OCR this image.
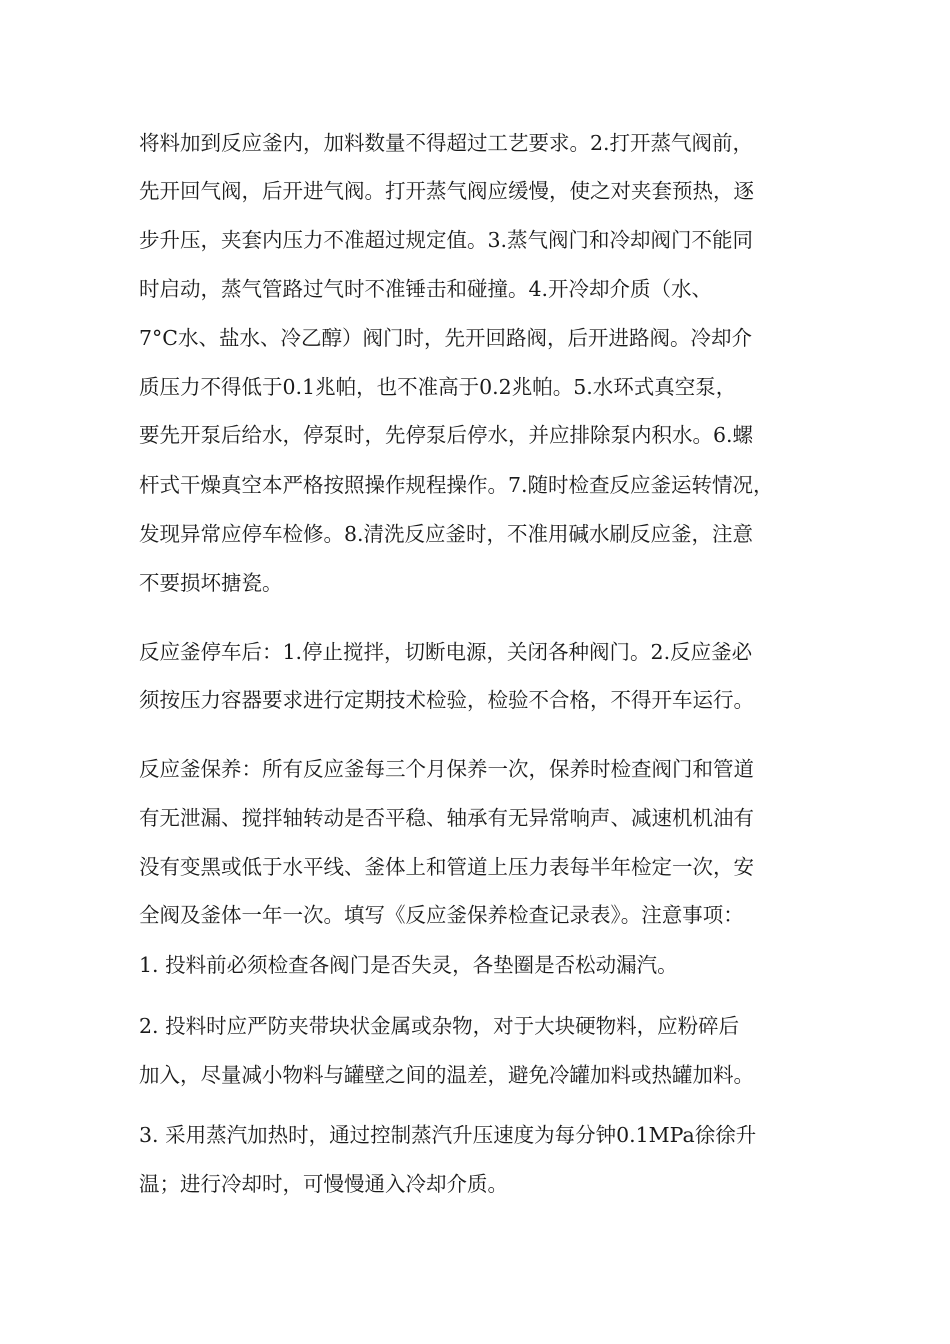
将料加到反应釜内，加料数量不得超过工艺要求。2.打开蒸气阀前，
先开回气阀，后开进气阀。打开蒸气阀应缓慢，使之对夹套预热，逐
步升压，夹套内压力不准超过规定值。3.蒸气阀门和冷却阀门不能同
时启动，蒸气管路过气时不准锤击和碰撞。4.开冷却介质（水、
7°C水、盐水、冷乙醇）阀门时，先开回路阀，后开进路阀。冷却介
质压力不得低于0.1兆帕，也不准高于0.2兆帕。5.水环式真空泵，
要先开泵后给水，停泵时，先停泵后停水，并应排除泵内积水。6.螺
杆式干燥真空本严格按照操作规程操作。7.随时检查反应釜运转情况，
发现异常应停车检修。8.清洗反应釜时，不准用碱水刷反应釜，注意
不要损坏搪瓷。
反应釜停车后：1.停止搅拌，切断电源，关闭各种阀门。2.反应釜必
须按压力容器要求进行定期技术检验，检验不合格，不得开车运行。
反应釜保养：所有反应釜每三个月保养一次，保养时检查阀门和管道
有无泄漏、搅拌轴转动是否平稳、轴承有无异常响声、减速机机油有
没有变黑或低于水平线、釜体上和管道上压力表每半年检定一次，安
全阀及釜体一年一次。填写《反应釜保养检查记录表》。注意事项：
1. 投料前必须检查各阀门是否失灵，各垫圈是否松动漏汽。
2. 投料时应严防夹带块状金属或杂物，对于大块硬物料，应粉碎后
加入，尽量减小物料与罐壁之间的温差，避免冷罐加料或热罐加料。
3. 采用蒸汽加热时，通过控制蒸汽升压速度为每分钟0.1MPa徐徐升
温；进行冷却时，可慢慢通入冷却介质。
